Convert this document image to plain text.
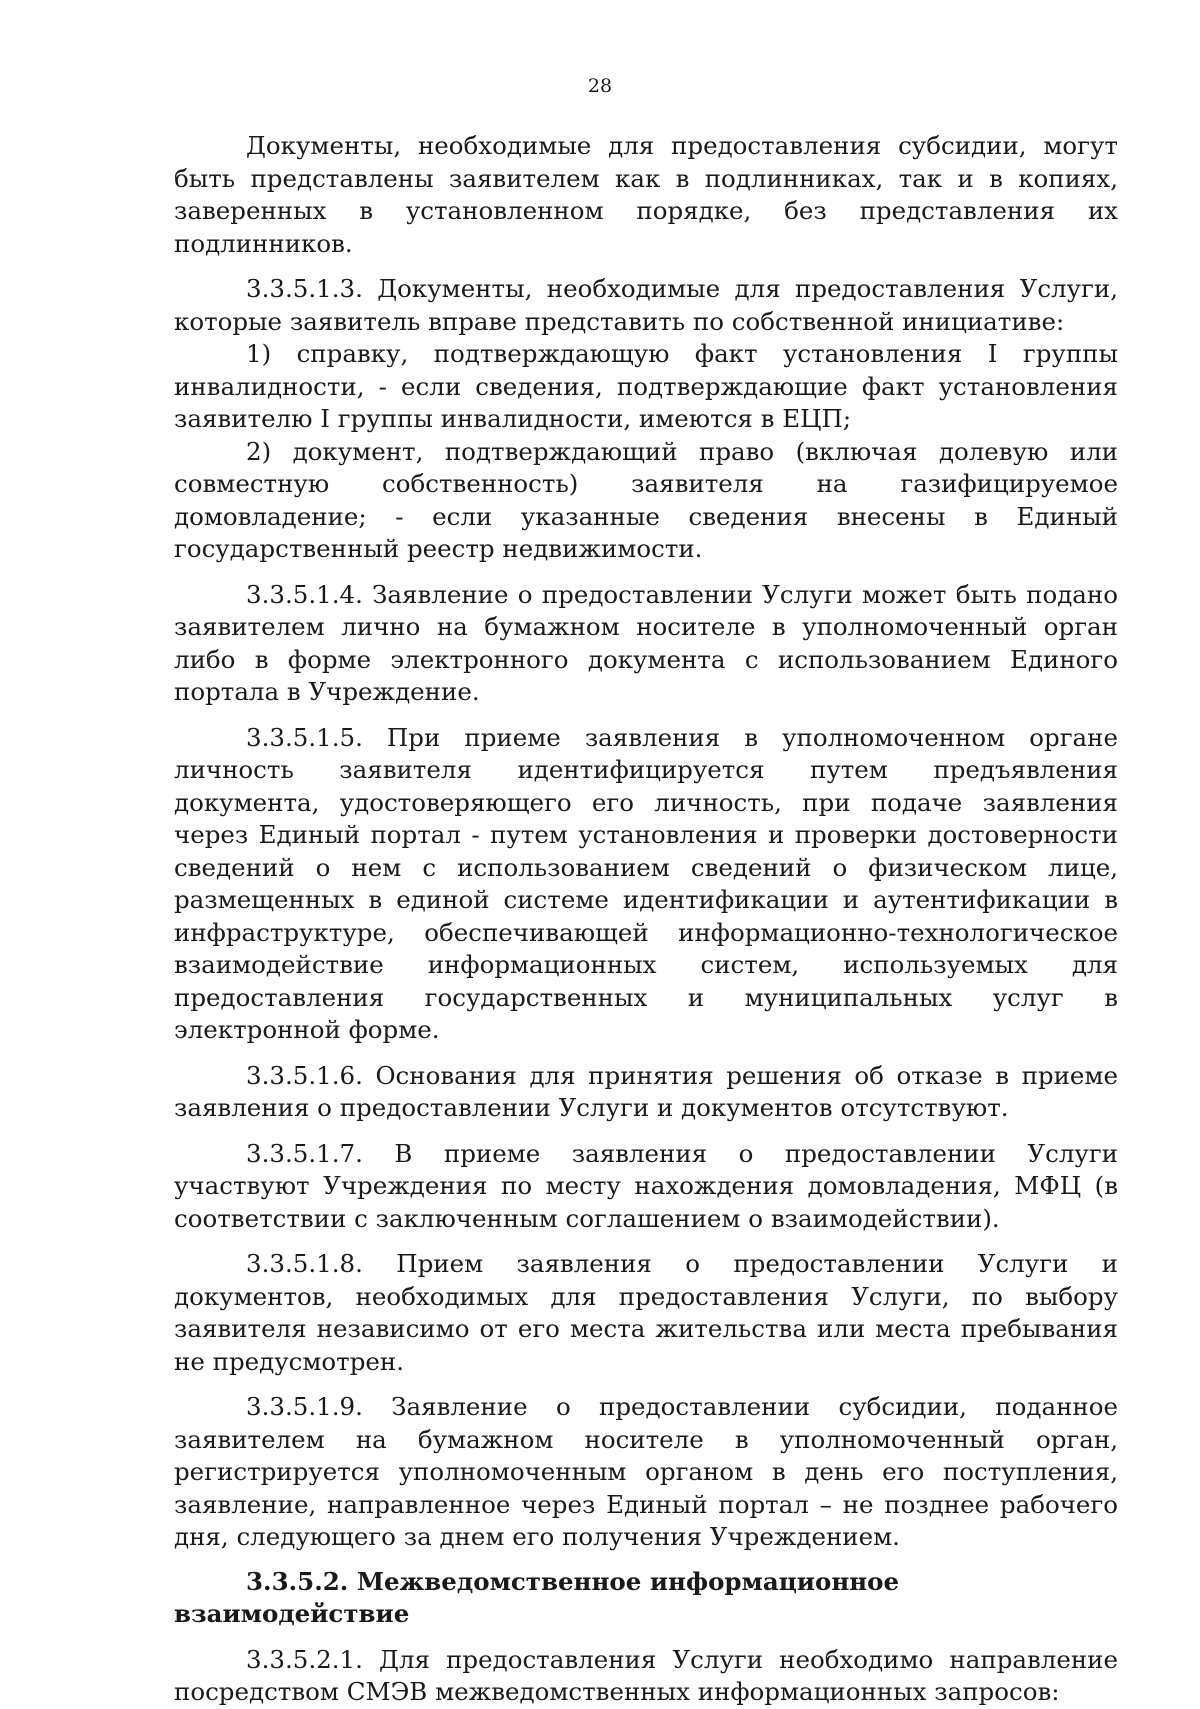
28

Документы, необходимые для предоставления субсидии, могут быть представлены заявителем как в подлинниках, так и в копиях, заверенных в установленном порядке, без представления их подлинников.

3.3.5.1.3. Документы, необходимые для предоставления Услуги, которые заявитель вправе представить по собственной инициативе:

1) справку, подтверждающую факт установления I группы инвалидности, - если сведения, подтверждающие факт установления заявителю I группы инвалидности, имеются в ЕЦП;

2) документ, подтверждающий право (включая долевую или совместную собственность) заявителя на газифицируемое домовладение; - если указанные сведения внесены в Единый государственный реестр недвижимости.

3.3.5.1.4. Заявление о предоставлении Услуги может быть подано заявителем лично на бумажном носителе в уполномоченный орган либо в форме электронного документа с использованием Единого портала в Учреждение.

3.3.5.1.5. При приеме заявления в уполномоченном органе личность заявителя идентифицируется путем предъявления документа, удостоверяющего его личность, при подаче заявления через Единый портал - путем установления и проверки достоверности сведений о нем с использованием сведений о физическом лице, размещенных в единой системе идентификации и аутентификации в инфраструктуре, обеспечивающей информационно-технологическое взаимодействие информационных систем, используемых для предоставления государственных и муниципальных услуг в электронной форме.

3.3.5.1.6. Основания для принятия решения об отказе в приеме заявления о предоставлении Услуги и документов отсутствуют.

3.3.5.1.7. В приеме заявления о предоставлении Услуги участвуют Учреждения по месту нахождения домовладения, МФЦ (в соответствии с заключенным соглашением о взаимодействии).

3.3.5.1.8. Прием заявления о предоставлении Услуги и документов, необходимых для предоставления Услуги, по выбору заявителя независимо от его места жительства или места пребывания не предусмотрен.

3.3.5.1.9. Заявление о предоставлении субсидии, поданное заявителем на бумажном носителе в уполномоченный орган, регистрируется уполномоченным органом в день его поступления, заявление, направленное через Единый портал – не позднее рабочего дня, следующего за днем его получения Учреждением.

3.3.5.2. Межведомственное информационное взаимодействие

3.3.5.2.1. Для предоставления Услуги необходимо направление посредством СМЭВ межведомственных информационных запросов:
